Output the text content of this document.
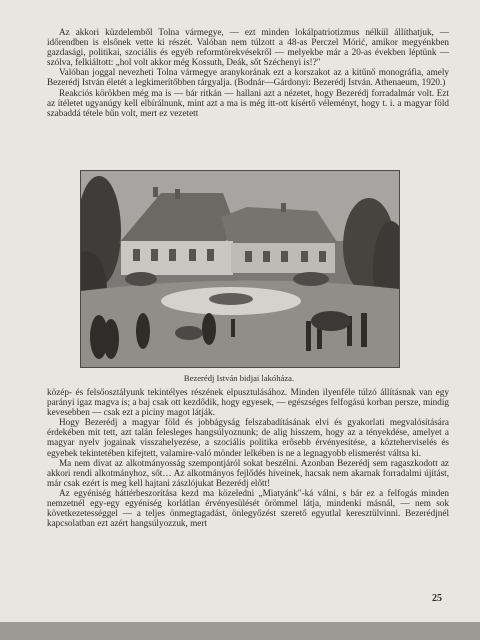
Az akkori küzdelemből Tolna vármegye, — ezt minden lokálpatriotizmus nélkül állíthatjuk, — időrendben is elsőnek vette ki részét. Valóban nem túlzott a 48-as Perczel Mórić, amikor megyénkben gazdasági, politikai, szociális és egyéb reformtörekvésekről — melyekbe már a 20-as években léptünk — szólva, felkiáltott: „hol volt akkor még Kossuth, Deák, sőt Széchenyi is!?"
Valóban joggal nevezheti Tolna vármegye aranykorának ezt a korszakot az a kitűnő monográfia, amely Bezerédj István életét a legkimerítőbben tárgyalja. (Bodnár—Gárdonyi: Bezerédj István. Athenaeum, 1920.)
Reakciós körökben még ma is — bár ritkán — hallani azt a nézetet, hogy Bezerédj forradalmár volt. Ezt az ítéletet ugyanúgy kell elbírálnunk, mint azt a ma is még itt-ott kísértő véleményt, hogy t. i. a magyar föld szabaddá tétele bűn volt, mert ez vezetett
Bezerédj István bidjai lakóháza.
közép- és felsőosztályunk tekintélyes részének elpusztulásához. Minden ilyenféle túlzó állításnak van egy parányi igaz magva is; a baj csak ott kezdődik, hogy egyesek, — egészséges felfogású korban persze, mindig kevesebben — csak ezt a piciny magot látják.
Hogy Bezerédj a magyar föld és jobbágyság felszabadításának elvi és gyakorlati megvalósítására érdekében mit tett, azt talán felesleges hangsúlyoznunk; de alig hisszem, hogy az a tényekdése, amelyet a magyar nyelv jogainak visszahelyezése, a szociális politika erősebb érvényesítése, a közteherviselés és egyebek tekintetében kifejtett, valamire-való mönder lelkében is ne a legnagyobb elismerést váltsa ki.
Ma nem divat az alkotmányosság szempontjáról sokat beszélni. Azonban Bezerédj sem ragaszkodott az akkori rendi alkotmányhoz, sőt… Az alkotmányos fejlődés híveinek, hacsak nem akarnak forradalmi újítást, már csak ezért is meg kell hajtani zászlójukat Bezerédj előtt!
Az egyéniség háttérbeszorítása kezd ma közeledni „Miatyánk"-ká válni, s bár ez a felfogás minden nemzetnél egy-egy egyéniség korlátlan érvényesülését örömmel látja, mindenki másnál, — nem sok következetességgel — a teljes önmegtagadást, önlegyőzést szerető egyutlal keresztülvinni. Bezerédjnél kapcsolatban ezt azért hangsúlyozzuk, mert
25
